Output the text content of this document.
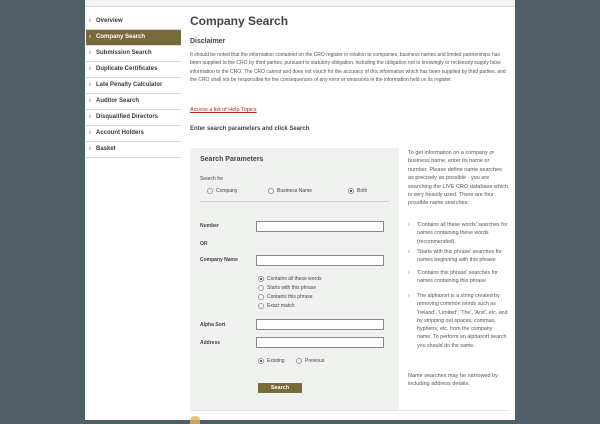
› Overview
› Company Search
› Submission Search
› Duplicate Certificates
› Late Penalty Calculator
› Auditor Search
› Disqualified Directors
› Account Holders
› Basket
Company Search
Disclaimer
It should be noted that the information contained on the CRO register in relation to companies, business names and limited partnerships has been supplied to the CRO by third parties, pursuant to statutory obligation, including the obligation not to knowingly or recklessly supply false information to the CRO. The CRO cannot and does not vouch for the accuracy of this information which has been supplied by third parties, and the CRO shall not be responsible for the consequences of any error or omissions in the information held on its register.
Access a list of Help Topics
Enter search parameters and click Search
Search Parameters
Search for
Company	Business Name	Both
Number
OR
Company Name
Contains all these words
Starts with this phrase
Contains this phrase
Exact match
Alpha Sort
Address
Existing	Previous
Search
To get information on a company or business name, enter its name or number. Please define name searches as precisely as possible - you are searching the LIVE CRO database which is very heavily used. There are four possible name searches:
›	'Contains all these words' searches for names containing these words (recommended).
›	'Starts with this phrase' searches for names beginning with this phrase
›	'Contains this phrase' searches for names containing this phrase
›	The alphasort is a string created by removing common words such as 'Ireland', 'Limited', 'The', 'And', etc. and by stripping out spaces, commas, hyphens, etc. from the company name. To perform an alphasort search you should do the same.
Name searches may be narrowed by including address details.
